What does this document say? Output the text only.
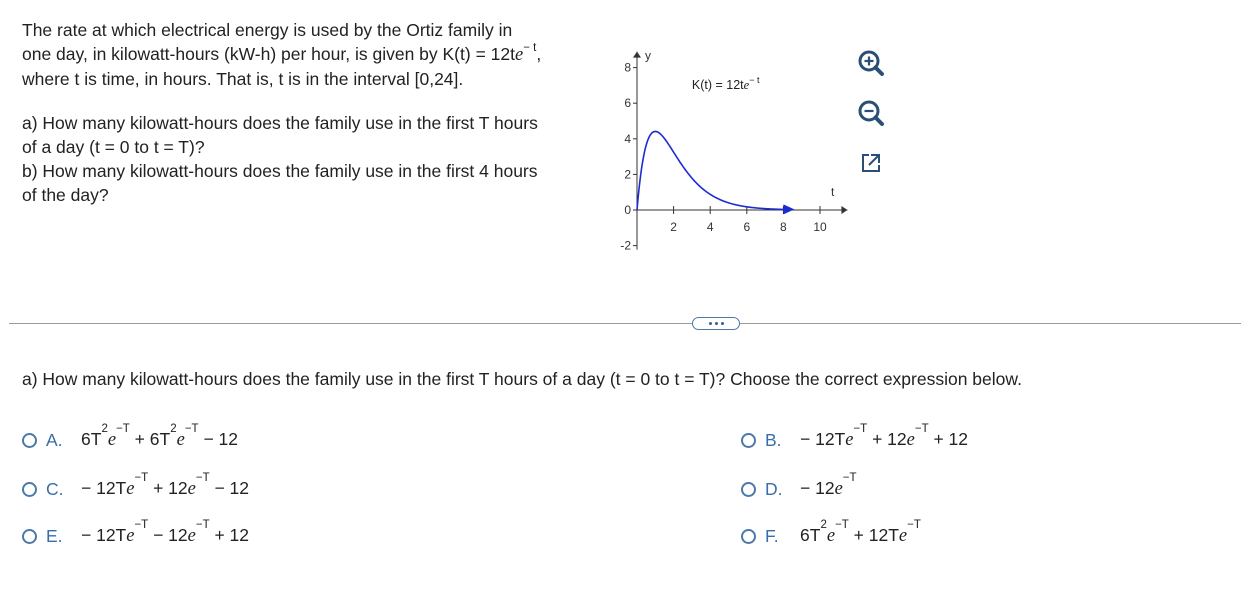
The rate at which electrical energy is used by the Ortiz family in

one day, in kilowatt-hours (kW-h) per hour, is given by $K(t) = 12te^{- t}$,

where t is time, in hours. That is, t is in the interval [0,24].

a) How many kilowatt-hours does the family use in the first T hours

of a day (t = 0 to t = T)?

b) How many kilowatt-hours does the family use in the first 4 hours

of the day?

y
t
-2
0
2
4
6
8
2 4 6 8 10
$K(t) = 12te^{- t}$
a) How many kilowatt-hours does the family use in the first T hours of a day (t = 0 to t = T)? Choose the correct expression below.
A.	$6T^2e^{-T} + 6T^2e^{-T} - 12$	B.	− $12Te^{-T} + 12e^{-T} + 12$
C.	− $12Te^{-T} + 12e^{-T} - 12$	D.	− $12e^{-T}$
E.	− $12Te^{-T} - 12e^{-T} + 12$	F.	$6T^2e^{-T} + 12Te^{-T}$
